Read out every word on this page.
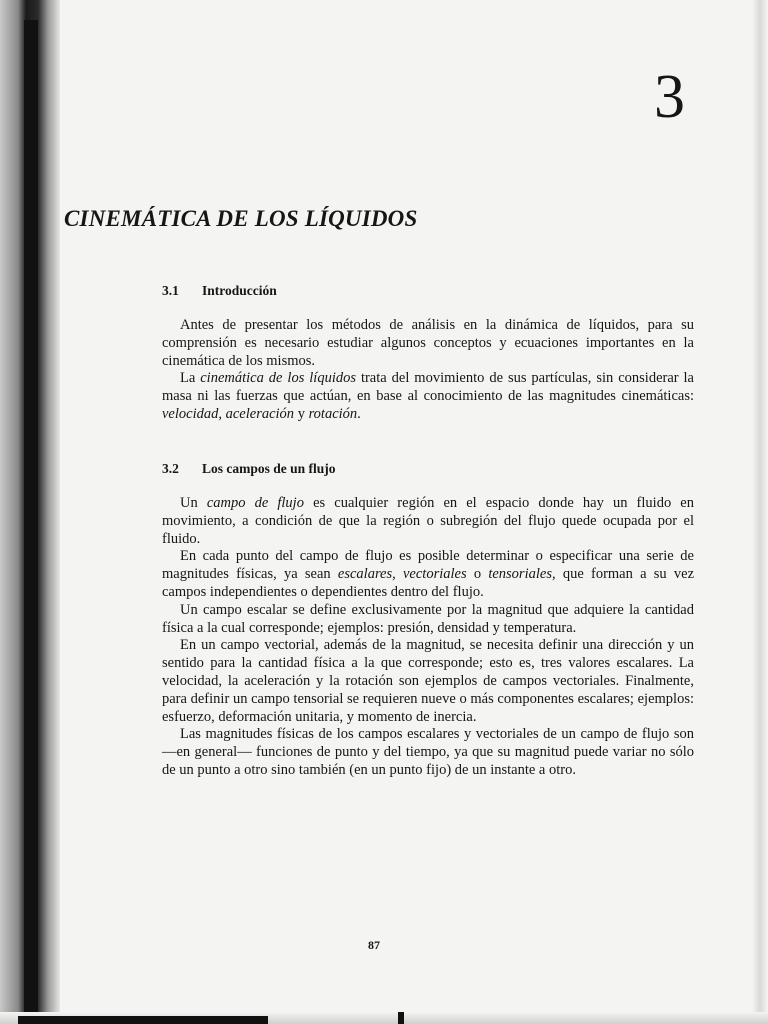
3
CINEMÁTICA DE LOS LÍQUIDOS
3.1 Introducción

Antes de presentar los métodos de análisis en la dinámica de líquidos, para su comprensión es necesario estudiar algunos conceptos y ecuaciones importantes en la cinemática de los mismos.

La cinemática de los líquidos trata del movimiento de sus partículas, sin considerar la masa ni las fuerzas que actúan, en base al conocimiento de las magnitudes cinemáticas: velocidad, aceleración y rotación.

3.2 Los campos de un flujo

Un campo de flujo es cualquier región en el espacio donde hay un fluido en movimiento, a condición de que la región o subregión del flujo quede ocupada por el fluido.

En cada punto del campo de flujo es posible determinar o especificar una serie de magnitudes físicas, ya sean escalares, vectoriales o tensoriales, que forman a su vez campos independientes o dependientes dentro del flujo.

Un campo escalar se define exclusivamente por la magnitud que adquiere la cantidad física a la cual corresponde; ejemplos: presión, densidad y temperatura.

En un campo vectorial, además de la magnitud, se necesita definir una dirección y un sentido para la cantidad física a la que corresponde; esto es, tres valores escalares. La velocidad, la aceleración y la rotación son ejemplos de campos vectoriales. Finalmente, para definir un campo tensorial se requieren nueve o más componentes escalares; ejemplos: esfuerzo, deformación unitaria, y momento de inercia.

Las magnitudes físicas de los campos escalares y vectoriales de un campo de flujo son —en general— funciones de punto y del tiempo, ya que su magnitud puede variar no sólo de un punto a otro sino también (en un punto fijo) de un instante a otro.

87
